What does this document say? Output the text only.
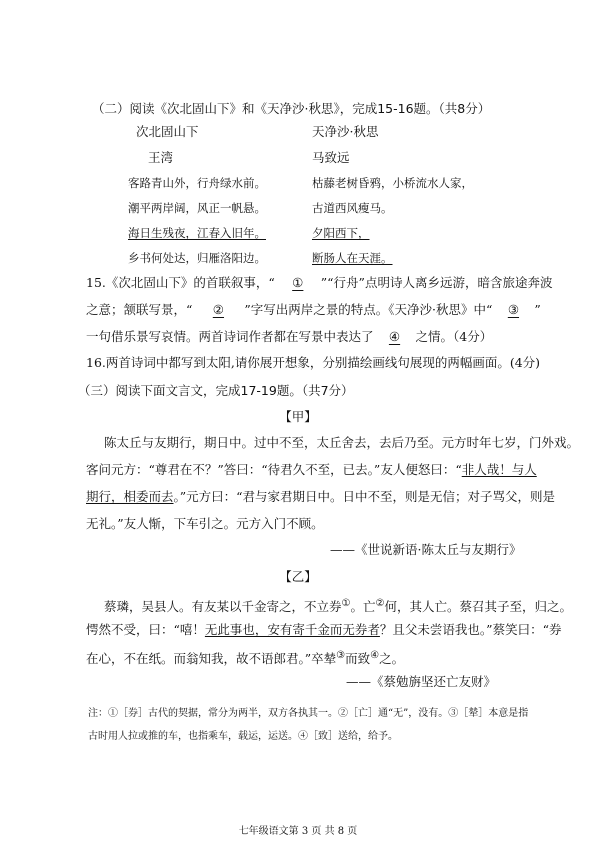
（二）阅读《次北固山下》和《天净沙·秋思》，完成15-16题。（共8分）
次北固山下	天净沙·秋思
王湾	马致远
客路青山外，行舟绿水前。
潮平两岸阔，风正一帆悬。
海日生残夜，江春入旧年。
乡书何处达，归雁洛阳边。
枯藤老树昏鸦，小桥流水人家，
古道西风瘦马。
夕阳西下，
断肠人在天涯。
15.《次北固山下》的首联叙事，“ ① ”“行舟”点明诗人离乡远游，暗含旅途奔波
之意；颔联写景，“ ② ”字写出两岸之景的特点。《天净沙·秋思》中“ ③ ”
一句借乐景写哀情。两首诗词作者都在写景中表达了 ④ 之情。（4分）
16.两首诗词中都写到太阳,请你展开想象，分别描绘画线句展现的两幅画面。(4分)
（三）阅读下面文言文，完成17-19题。（共7分）
【甲】
陈太丘与友期行，期日中。过中不至，太丘舍去，去后乃至。元方时年七岁，门外戏。
客问元方：“尊君在不？”答曰：“待君久不至，已去。”友人便怒曰：“非人哉！与人
期行，相委而去。”元方曰：“君与家君期日中。日中不至，则是无信；对子骂父，则是
无礼。”友人惭，下车引之。元方入门不顾。
——《世说新语·陈太丘与友期行》
【乙】
蔡璘，吴县人。有友某以千金寄之，不立券①。亡②何，其人亡。蔡召其子至，归之。
愕然不受，曰：“嘻！无此事也，安有寄千金而无券者？且父未尝语我也。”蔡笑曰：“券
在心，不在纸。而翁知我，故不语郎君。”卒辇③而致④之。
——《蔡勉旃坚还亡友财》
注：①［券］古代的契据，常分为两半，双方各执其一。②［亡］通“无”，没有。③［辇］本意是指
古时用人拉或推的车，也指乘车，载运，运送。④［致］送给，给予。
七年级语文第 3 页 共 8 页
